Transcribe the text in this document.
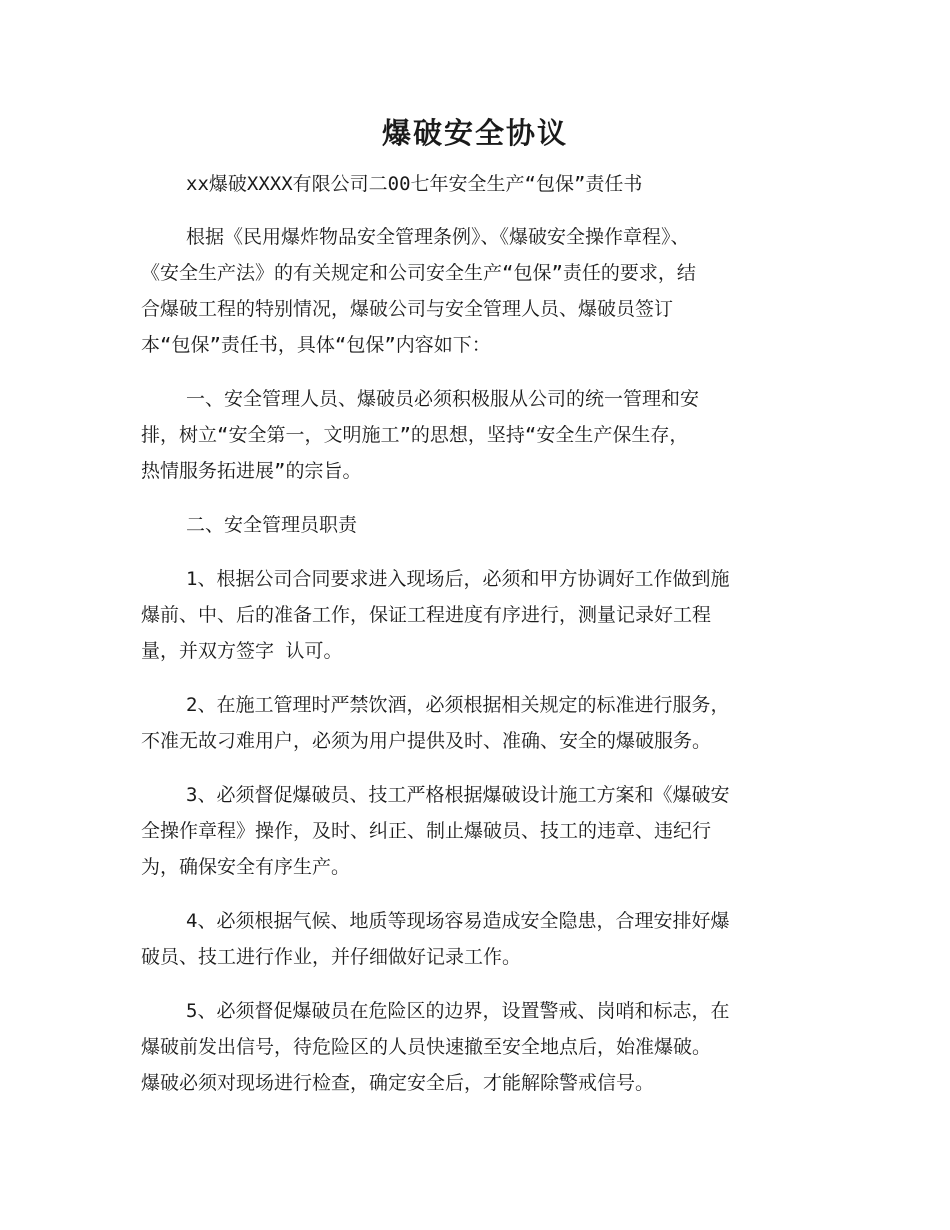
爆破安全协议
xx爆破XXXX有限公司二00七年安全生产“包保”责任书
根据《民用爆炸物品安全管理条例》、《爆破安全操作章程》、
《安全生产法》的有关规定和公司安全生产“包保”责任的要求，结
合爆破工程的特别情况，爆破公司与安全管理人员、爆破员签订
本“包保”责任书，具体“包保”内容如下：
一、安全管理人员、爆破员必须积极服从公司的统一管理和安
排，树立“安全第一，文明施工”的思想，坚持“安全生产保生存，
热情服务拓进展”的宗旨。
二、安全管理员职责
1、根据公司合同要求进入现场后，必须和甲方协调好工作做到施
爆前、中、后的准备工作，保证工程进度有序进行，测量记录好工程
量，并双方签字 认可。
2、在施工管理时严禁饮酒，必须根据相关规定的标准进行服务，
不准无故刁难用户，必须为用户提供及时、准确、安全的爆破服务。
3、必须督促爆破员、技工严格根据爆破设计施工方案和《爆破安
全操作章程》操作，及时、纠正、制止爆破员、技工的违章、违纪行
为，确保安全有序生产。
4、必须根据气候、地质等现场容易造成安全隐患，合理安排好爆
破员、技工进行作业，并仔细做好记录工作。
5、必须督促爆破员在危险区的边界，设置警戒、岗哨和标志，在
爆破前发出信号，待危险区的人员快速撤至安全地点后，始准爆破。
爆破必须对现场进行检查，确定安全后，才能解除警戒信号。
